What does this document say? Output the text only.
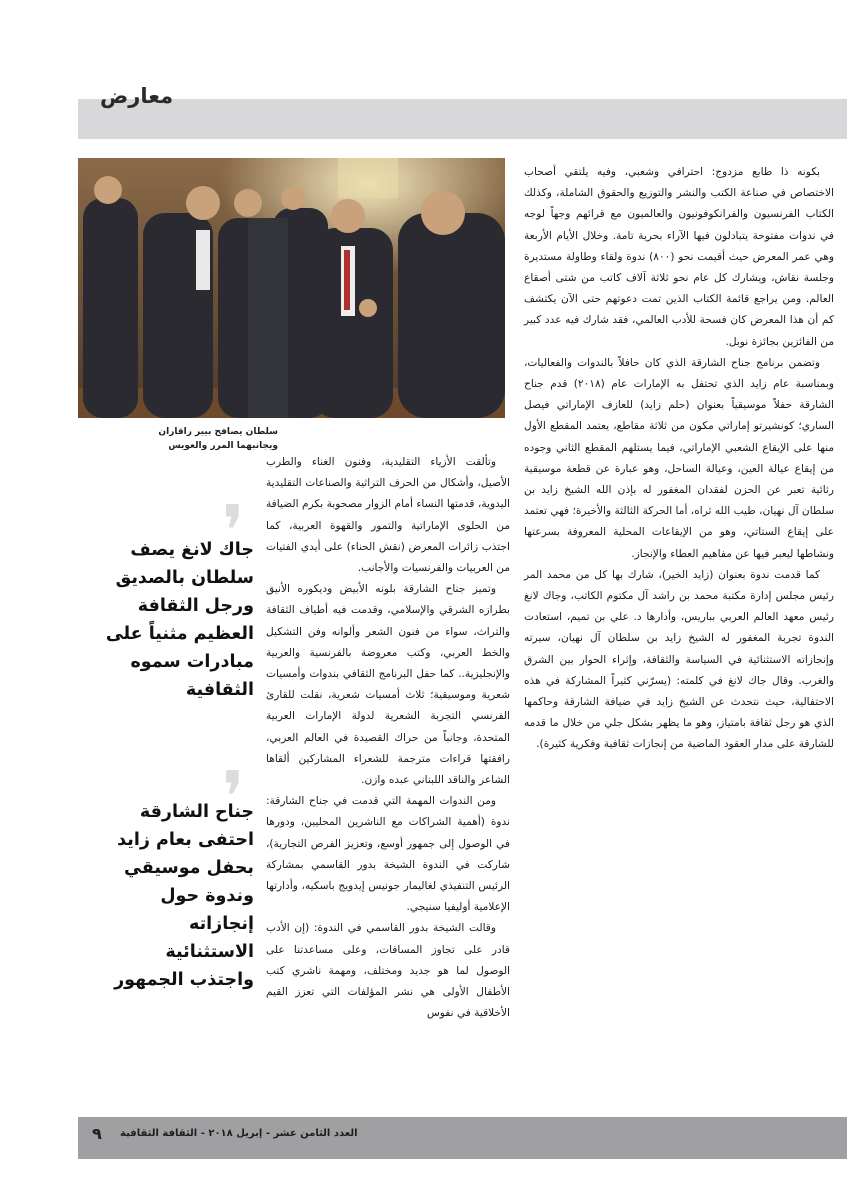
معارض

سلطان يصافح بيير راقاران

ويجانبهما المرر والعويس

بكونه ذا طابع مزدوج: احترافي وشعبي، وفيه يلتقي أصحاب الاختصاص في صناعة الكتب والنشر والتوزيع والحقوق الشاملة، وكذلك الكتاب الفرنسيون والفرانكوفونيون والعالميون مع قرائهم وجهاً لوجه في ندوات مفتوحة يتبادلون فيها الآراء بحرية تامة. وخلال الأيام الأربعة وهي عمر المعرض حيث أقيمت نحو (٨٠٠) ندوة ولقاء وطاولة مستديرة وجلسة نقاش، ويشارك كل عام نحو ثلاثة آلاف كاتب من شتى أصقاع العالم. ومن يراجع قائمة الكتاب الذين تمت دعوتهم حتى الآن يكتشف كم أن هذا المعرض كان فسحة للأدب العالمي، فقد شارك فيه عدد كبير من الفائزين بجائزة نوبل.

وتضمن برنامج جناح الشارقة الذي كان حافلاً بالندوات والفعاليات، وبمناسبة عام زايد الذي تحتفل به الإمارات عام (٢٠١٨) قدم جناح الشارقة حفلاً موسيقياً بعنوان (حلم زايد) للعازف الإماراتي فيصل الساري؛ كونشيرتو إماراتي مكون من ثلاثة مقاطع، يعتمد المقطع الأول منها على الإيقاع الشعبي الإماراتي، فيما يستلهم المقطع الثاني وجوده من إيقاع عيالة العين، وعيالة الساحل، وهو عبارة عن قطعة موسيقية رثائية تعبر عن الحزن لفقدان المغفور له بإذن الله الشيخ زايد بن سلطان آل نهيان، طيب الله ثراه، أما الحركة الثالثة والأخيرة؛ فهي تعتمد على إيقاع الستاتي، وهو من الإيقاعات المحلية المعروفة بسرعتها ونشاطها ليعبر فيها عن مفاهيم العطاء والإنجاز.

كما قدمت ندوة بعنوان (زايد الخير)، شارك بها كل من محمد المر رئيس مجلس إدارة مكتبة محمد بن راشد آل مكتوم الكاتب، وجاك لانغ رئيس معهد العالم العربي بباريس، وأدارها د. علي بن تميم، استعادت الندوة تجربة المغفور له الشيخ زايد بن سلطان آل نهيان، سيرته وإنجازاته الاستثنائية في السياسة والثقافة، وإثراء الحوار بين الشرق والغرب. وقال جاك لانغ في كلمته: (يسرّني كثيراً المشاركة في هذه الاحتفالية، حيث نتحدث عن الشيخ زايد في ضيافة الشارقة وحاكمها الذي هو رجل ثقافة بامتياز، وهو ما يظهر بشكل جلي من خلال ما قدمه للشارقة على مدار العقود الماضية من إنجازات ثقافية وفكرية كثيرة).

وتألقت الأزياء التقليدية، وفنون الغناء والطرب الأصيل، وأشكال من الحرف التراثية والصناعات التقليدية اليدوية، قدمتها النساء أمام الزوار مصحوبة بكرم الضيافة من الحلوى الإماراتية والتمور والقهوة العربية، كما اجتذب زائرات المعرض (نقش الحناء) على أيدي الفتيات من العربيات والفرنسيات والأجانب.

وتميز جناح الشارقة بلونه الأبيض وديكوره الأنيق بطرازه الشرقي والإسلامي، وقدمت فيه أطياف الثقافة والتراث، سواء من فنون الشعر وألوانه وفن التشكيل والخط العربي، وكتب معروضة بالفرنسية والعربية والإنجليزية.. كما حفل البرنامج الثقافي بندوات وأمسيات شعرية وموسيقية؛ ثلاث أمسيات شعرية، نقلت للقارئ الفرنسي التجربة الشعرية لدولة الإمارات العربية المتحدة، وجانباً من حراك القصيدة في العالم العربي، رافقتها قراءات مترجمة للشعراء المشاركين ألقاها الشاعر والناقد اللبناني عبده وازن.

ومن الندوات المهمة التي قدمت في جناح الشارقة: ندوة (أهمية الشراكات مع الناشرين المحليين، ودورها في الوصول إلى جمهور أوسع، وتعزيز الفرص التجارية)، شاركت في الندوة الشيخة بدور القاسمي بمشاركة الرئيس التنفيذي لغاليمار جونيس إيدويج باسكيه، وأدارتها الإعلامية أوليفيا سنيجي.

وقالت الشيخة بدور القاسمي في الندوة: (إن الأدب قادر على تجاوز المسافات، وعلى مساعدتنا على الوصول لما هو جديد ومختلف، ومهمة ناشري كتب الأطفال الأولى هي نشر المؤلفات التي تعزز القيم الأخلاقية في نفوس

❜
جاك لانغ يصف سلطان بالصديق ورجل الثقافة العظيم مثنياً على مبادرات سموه الثقافية
❜
جناح الشارقة احتفى بعام زايد بحفل موسيقي وندوة حول إنجازاته الاستثنائية واجتذب الجمهور
العدد الثامن عشر - إبريل ٢٠١٨ - الثقافة الثقافية
٩
